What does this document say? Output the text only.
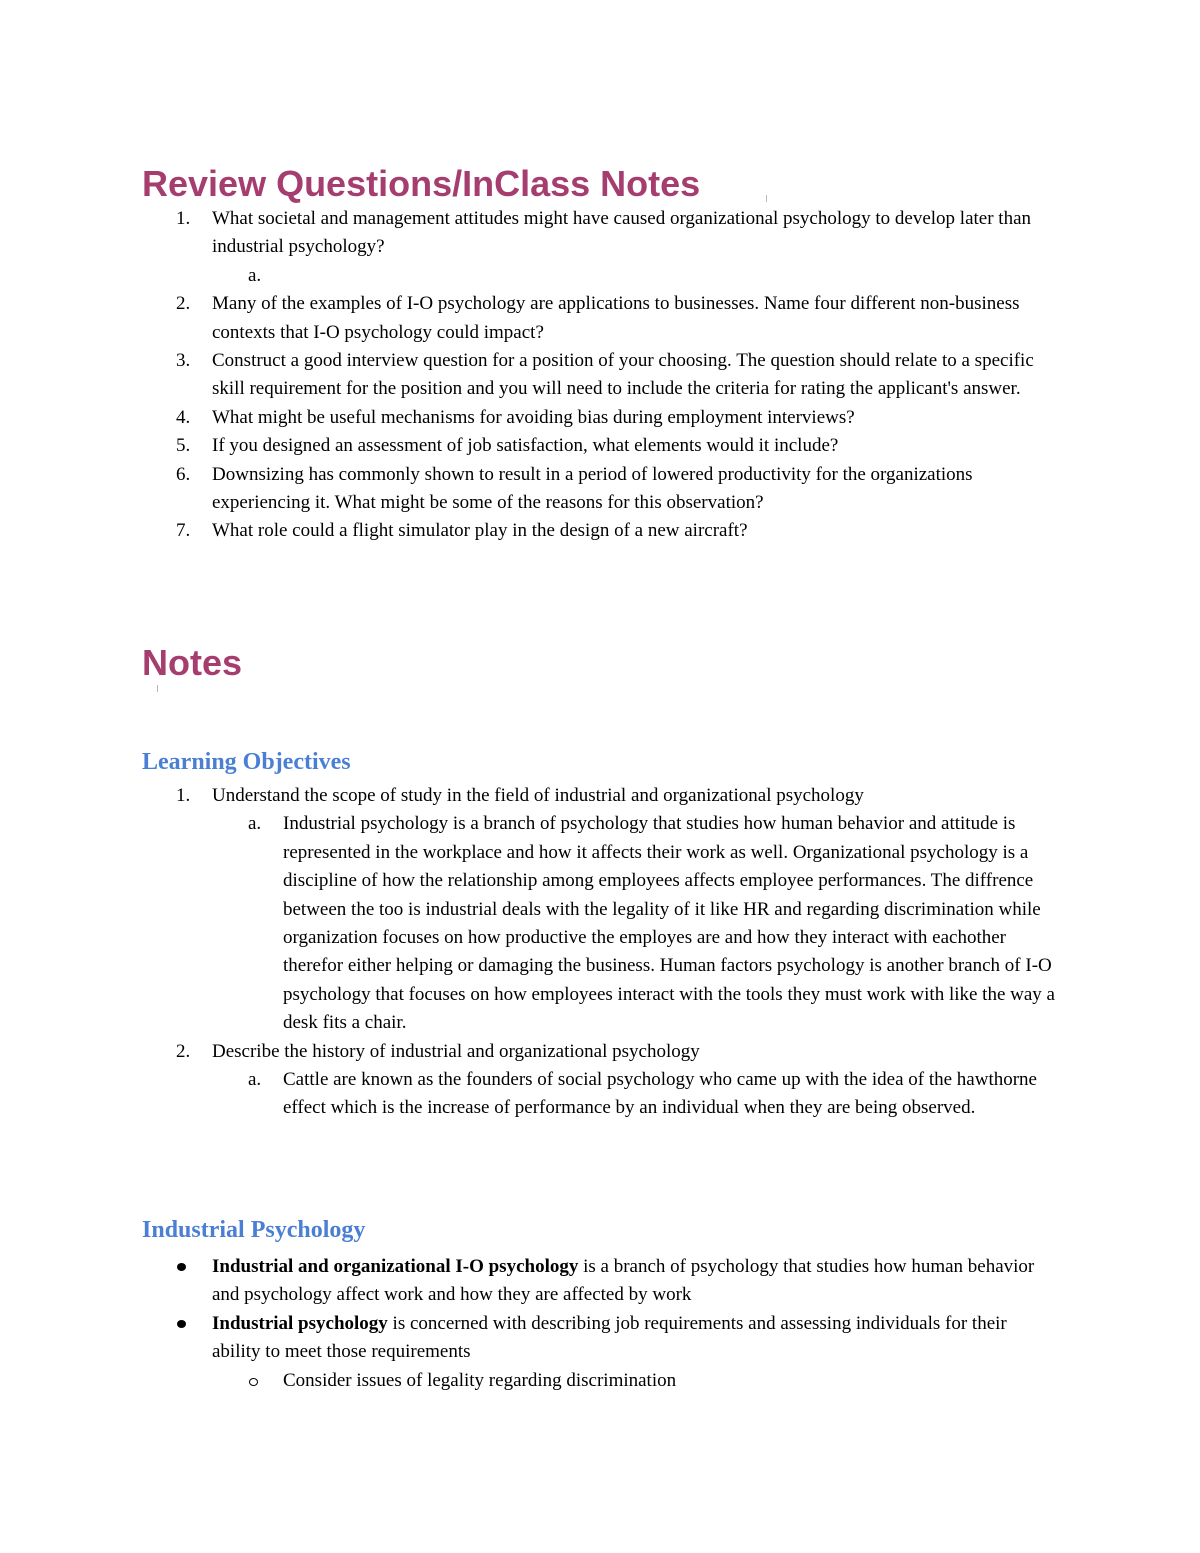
Review Questions/InClass Notes
1. What societal and management attitudes might have caused organizational psychology to develop later than industrial psychology?
a.
2. Many of the examples of I-O psychology are applications to businesses. Name four different non-business contexts that I-O psychology could impact?
3. Construct a good interview question for a position of your choosing. The question should relate to a specific skill requirement for the position and you will need to include the criteria for rating the applicant's answer.
4. What might be useful mechanisms for avoiding bias during employment interviews?
5. If you designed an assessment of job satisfaction, what elements would it include?
6. Downsizing has commonly shown to result in a period of lowered productivity for the organizations experiencing it. What might be some of the reasons for this observation?
7. What role could a flight simulator play in the design of a new aircraft?
Notes
Learning Objectives
1. Understand the scope of study in the field of industrial and organizational psychology
a. Industrial psychology is a branch of psychology that studies how human behavior and attitude is represented in the workplace and how it affects their work as well. Organizational psychology is a discipline of how the relationship among employees affects employee performances. The diffrence between the too is industrial deals with the legality of it like HR and regarding discrimination while organization focuses on how productive the employes are and how they interact with eachother therefor either helping or damaging the business. Human factors psychology is another branch of I-O psychology that focuses on how employees interact with the tools they must work with like the way a desk fits a chair.
2. Describe the history of industrial and organizational psychology
a. Cattle are known as the founders of social psychology who came up with the idea of the hawthorne effect which is the increase of performance by an individual when they are being observed.
Industrial Psychology
Industrial and organizational I-O psychology is a branch of psychology that studies how human behavior and psychology affect work and how they are affected by work
Industrial psychology is concerned with describing job requirements and assessing individuals for their ability to meet those requirements
Consider issues of legality regarding discrimination
